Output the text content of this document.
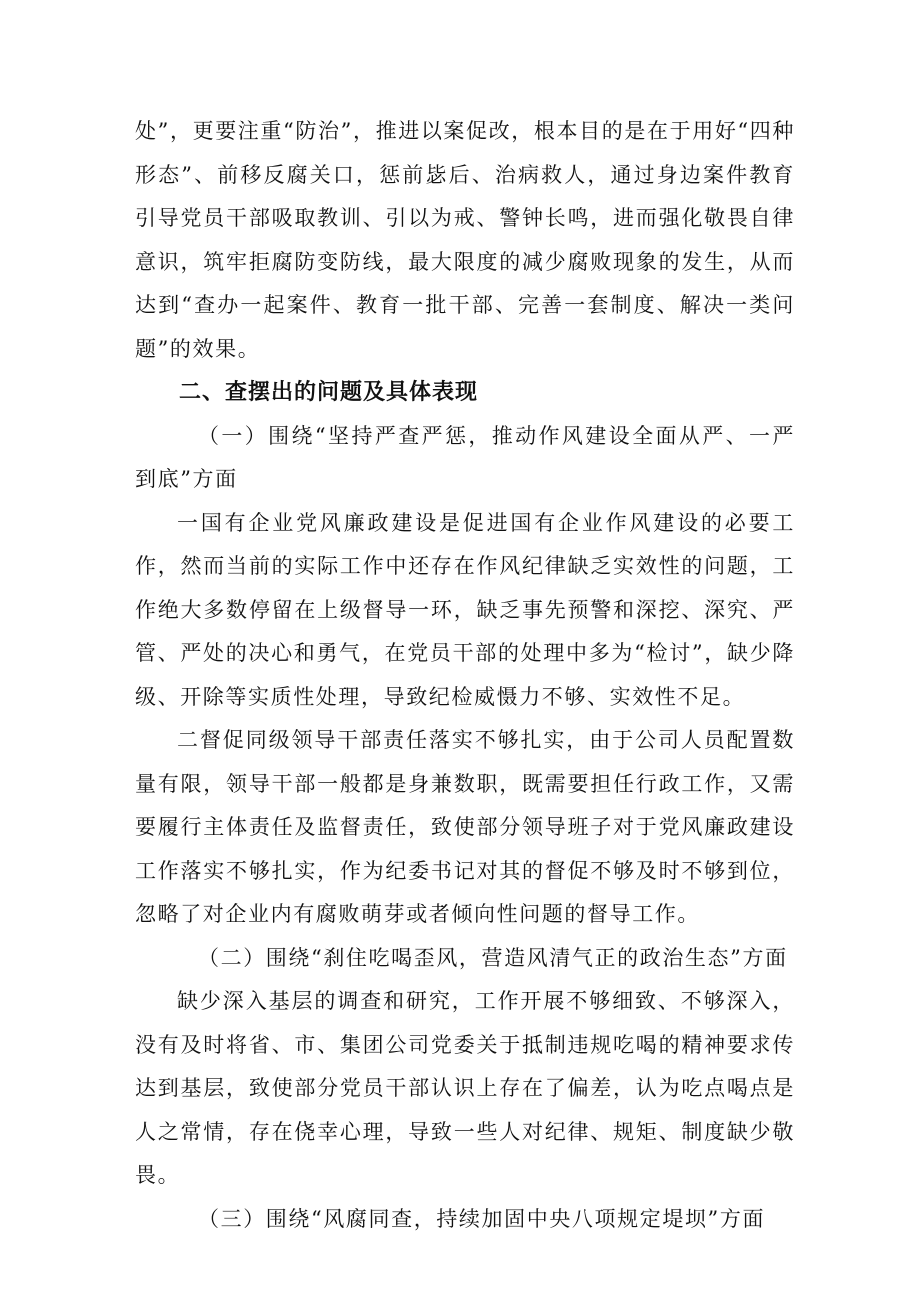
处”，更要注重“防治”，推进以案促改，根本目的是在于用好“四种形态”、前移反腐关口，惩前毖后、治病救人，通过身边案件教育引导党员干部吸取教训、引以为戒、警钟长鸣，进而强化敬畏自律意识，筑牢拒腐防变防线，最大限度的减少腐败现象的发生，从而达到“查办一起案件、教育一批干部、完善一套制度、解决一类问题”的效果。

二、查摆出的问题及具体表现

（一）围绕“坚持严查严惩，推动作风建设全面从严、一严到底”方面

一国有企业党风廉政建设是促进国有企业作风建设的必要工作，然而当前的实际工作中还存在作风纪律缺乏实效性的问题，工作绝大多数停留在上级督导一环，缺乏事先预警和深挖、深究、严管、严处的决心和勇气，在党员干部的处理中多为“检讨”，缺少降级、开除等实质性处理，导致纪检威慑力不够、实效性不足。

二督促同级领导干部责任落实不够扎实，由于公司人员配置数量有限，领导干部一般都是身兼数职，既需要担任行政工作，又需要履行主体责任及监督责任，致使部分领导班子对于党风廉政建设工作落实不够扎实，作为纪委书记对其的督促不够及时不够到位，忽略了对企业内有腐败萌芽或者倾向性问题的督导工作。

（二）围绕“刹住吃喝歪风，营造风清气正的政治生态”方面

缺少深入基层的调查和研究，工作开展不够细致、不够深入，没有及时将省、市、集团公司党委关于抵制违规吃喝的精神要求传达到基层，致使部分党员干部认识上存在了偏差，认为吃点喝点是人之常情，存在侥幸心理，导致一些人对纪律、规矩、制度缺少敬畏。

（三）围绕“风腐同查，持续加固中央八项规定堤坝”方面
